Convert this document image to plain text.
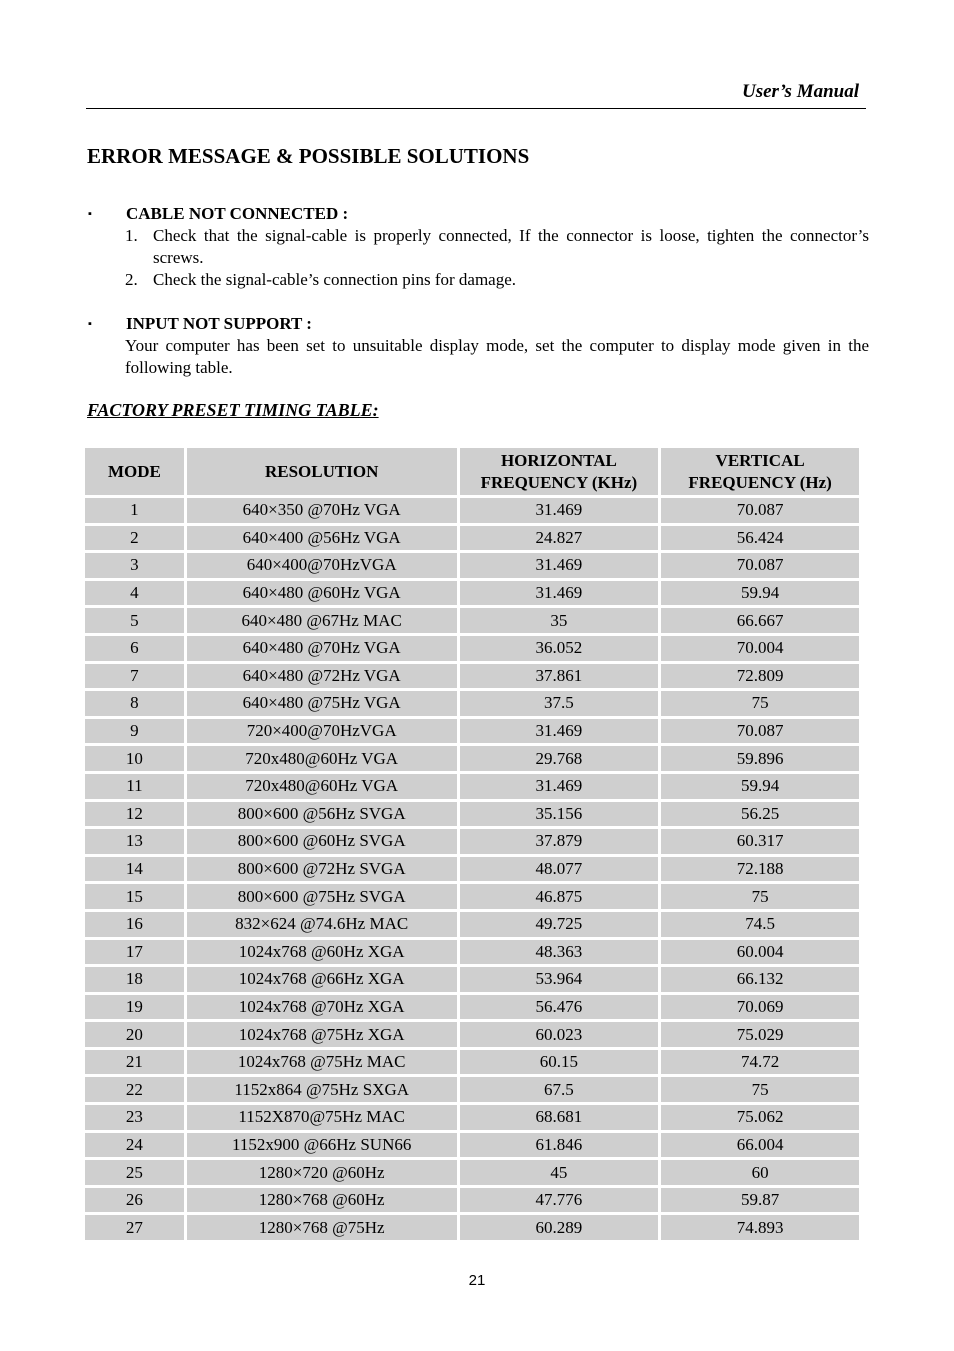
User’s Manual
ERROR MESSAGE & POSSIBLE SOLUTIONS
▪	CABLE NOT CONNECTED :
1. Check that the signal-cable is properly connected, If the connector is loose, tighten the connector’s screws.
2. Check the signal-cable’s connection pins for damage.
▪	INPUT NOT SUPPORT :
Your computer has been set to unsuitable display mode, set the computer to display mode given in the following table.
FACTORY PRESET TIMING TABLE:
MODE	RESOLUTION	HORIZONTAL FREQUENCY (KHz)	VERTICAL FREQUENCY (Hz)
1	640×350 @70Hz VGA	31.469	70.087
2	640×400 @56Hz VGA	24.827	56.424
3	640×400@70HzVGA	31.469	70.087
4	640×480 @60Hz VGA	31.469	59.94
5	640×480 @67Hz MAC	35	66.667
6	640×480 @70Hz VGA	36.052	70.004
7	640×480 @72Hz VGA	37.861	72.809
8	640×480 @75Hz VGA	37.5	75
9	720×400@70HzVGA	31.469	70.087
10	720x480@60Hz VGA	29.768	59.896
11	720x480@60Hz VGA	31.469	59.94
12	800×600 @56Hz SVGA	35.156	56.25
13	800×600 @60Hz SVGA	37.879	60.317
14	800×600 @72Hz SVGA	48.077	72.188
15	800×600 @75Hz SVGA	46.875	75
16	832×624 @74.6Hz MAC	49.725	74.5
17	1024x768 @60Hz XGA	48.363	60.004
18	1024x768 @66Hz XGA	53.964	66.132
19	1024x768 @70Hz XGA	56.476	70.069
20	1024x768 @75Hz XGA	60.023	75.029
21	1024x768 @75Hz MAC	60.15	74.72
22	1152x864 @75Hz SXGA	67.5	75
23	1152X870@75Hz MAC	68.681	75.062
24	1152x900 @66Hz SUN66	61.846	66.004
25	1280×720 @60Hz	45	60
26	1280×768 @60Hz	47.776	59.87
27	1280×768 @75Hz	60.289	74.893
21
